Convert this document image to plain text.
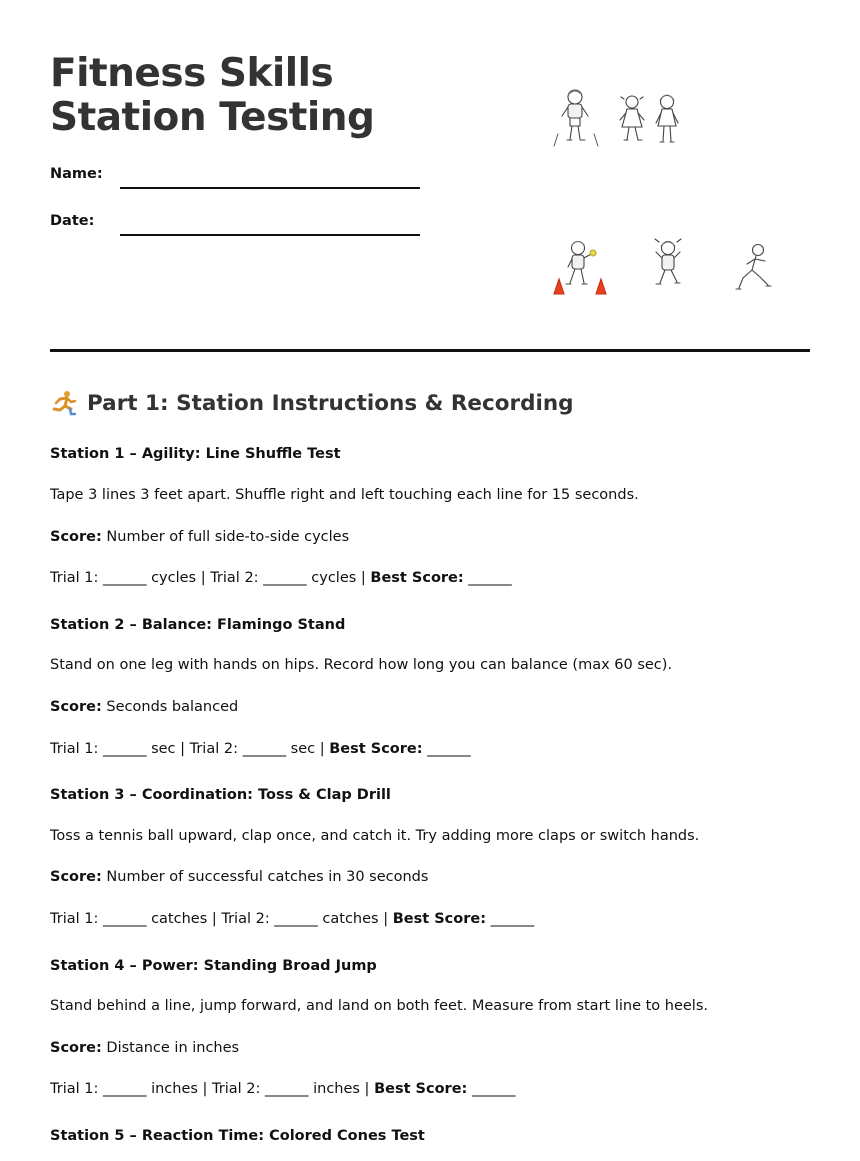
Fitness Skills Station Testing
Name:
Date:
Part 1: Station Instructions & Recording
Station 1 – Agility: Line Shuffle Test
Tape 3 lines 3 feet apart. Shuffle right and left touching each line for 15 seconds.
Score: Number of full side-to-side cycles
Trial 1: ______ cycles | Trial 2: ______ cycles | Best Score: ______
Station 2 – Balance: Flamingo Stand
Stand on one leg with hands on hips. Record how long you can balance (max 60 sec).
Score: Seconds balanced
Trial 1: ______ sec | Trial 2: ______ sec | Best Score: ______
Station 3 – Coordination: Toss & Clap Drill
Toss a tennis ball upward, clap once, and catch it. Try adding more claps or switch hands.
Score: Number of successful catches in 30 seconds
Trial 1: ______ catches | Trial 2: ______ catches | Best Score: ______
Station 4 – Power: Standing Broad Jump
Stand behind a line, jump forward, and land on both feet. Measure from start line to heels.
Score: Distance in inches
Trial 1: ______ inches | Trial 2: ______ inches | Best Score: ______
Station 5 – Reaction Time: Colored Cones Test
